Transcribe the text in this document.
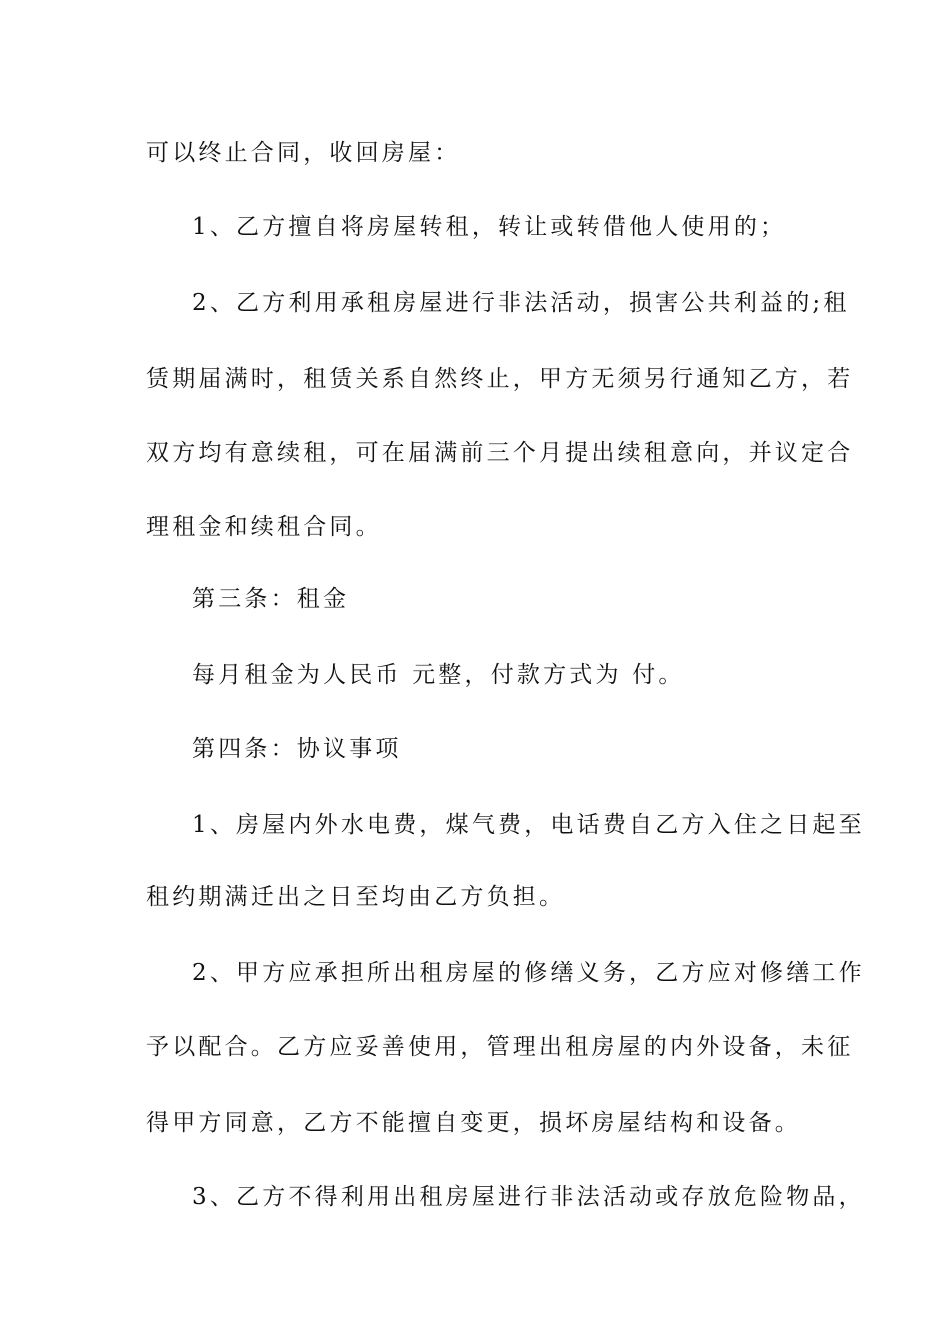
可以终止合同，收回房屋：
1、乙方擅自将房屋转租，转让或转借他人使用的；
2、乙方利用承租房屋进行非法活动，损害公共利益的;租
赁期届满时，租赁关系自然终止，甲方无须另行通知乙方，若
双方均有意续租，可在届满前三个月提出续租意向，并议定合
理租金和续租合同。
第三条：租金
每月租金为人民币 元整，付款方式为 付。
第四条：协议事项
1、房屋内外水电费，煤气费，电话费自乙方入住之日起至
租约期满迁出之日至均由乙方负担。
2、甲方应承担所出租房屋的修缮义务，乙方应对修缮工作
予以配合。乙方应妥善使用，管理出租房屋的内外设备，未征
得甲方同意，乙方不能擅自变更，损坏房屋结构和设备。
3、乙方不得利用出租房屋进行非法活动或存放危险物品，
